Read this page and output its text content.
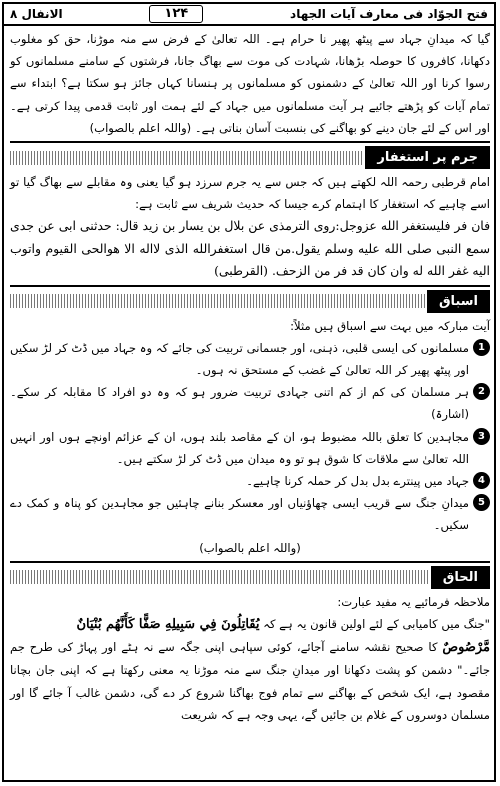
الانفال ۸	۱۲۴	فتح الجوّاد فی معارف آیات الجهاد

گیا کہ میدانِ جہاد سے پیٹھ پھیر نا حرام ہے۔ اللہ تعالیٰ کے فرض سے منہ موڑنا، حق کو مغلوب دکھانا، کافروں کا حوصلہ بڑھانا، شہادت کی موت سے بھاگ جانا، فرشتوں کے سامنے مسلمانوں کو رسوا کرنا اور اللہ تعالیٰ کے دشمنوں کو مسلمانوں پر ہنسانا کہاں جائز ہو سکتا ہے؟ ابتداء سے تمام آیات کو پڑھتے جائیے ہر آیت مسلمانوں میں جہاد کے لئے ہمت اور ثابت قدمی پیدا کرتی ہے۔ اور اس کے لئے جان دینے کو بھاگنے کی بنسبت آسان بناتی ہے۔ (واللہ اعلم بالصواب)

جرم پر استغفار

امام قرطبی رحمہ اللہ لکھتے ہیں کہ جس سے یہ جرم سرزد ہو گیا یعنی وہ مقابلے سے بھاگ گیا تو اسے چاہیے کہ استغفار کا اہتمام کرے جیسا کہ حدیث شریف سے ثابت ہے:

فان فر فليستغفر الله عزوجل:روى الترمذى عن بلال بن يسار بن زيد قال: حدثنى ابى عن جدى سمع النبى صلى الله عليه وسلم يقول.من قال استغفرالله الذى لااله الا هوالحى القيوم واتوب اليه غفر الله له وان كان قد فر من الزحف. (القرطبى)

اسباق

آیت مبارکہ میں بہت سے اسباق ہیں مثلاً:

1

مسلمانوں کی ایسی قلبی، ذہنی، اور جسمانی تربیت کی جائے کہ وہ جہاد میں ڈٹ کر لڑ سکیں اور پیٹھ پھیر کر اللہ تعالیٰ کے غضب کے مستحق نہ ہوں۔

2

ہر مسلمان کی کم از کم اتنی جہادی تربیت ضرور ہو کہ وہ دو افراد کا مقابلہ کر سکے۔ (اشارۃ)

3

مجاہدین کا تعلق باللہ مضبوط ہو، ان کے مقاصد بلند ہوں، ان کے عزائم اونچے ہوں اور انہیں اللہ تعالیٰ سے ملاقات کا شوق ہو تو وہ میدان میں ڈٹ کر لڑ سکتے ہیں۔

4

جہاد میں پینترے بدل بدل کر حملہ کرنا چاہیے۔

5

میدانِ جنگ سے قریب ایسی چھاؤنیاں اور معسکر بنانے چاہئیں جو مجاہدین کو پناہ و کمک دے سکیں۔

(واللہ اعلم بالصواب)

الحاق

ملاحظہ فرمائیے یہ مفید عبارت:

"جنگ میں کامیابی کے لئے اولین قانون یہ ہے کہ يُقَاتِلُونَ فِي سَبِيلِهِ صَفًّا كَأَنَّهُم بُنْيَانٌ

مَّرْصُوصٌ کا صحیح نقشہ سامنے آجائے، کوئی سپاہی اپنی جگہ سے نہ ہٹے اور پہاڑ کی طرح جم جائے۔" دشمن کو پشت دکھانا اور میدانِ جنگ سے منہ موڑنا یہ معنی رکھتا ہے کہ اپنی جان بچانا مقصود ہے، ایک شخص کے بھاگنے سے تمام فوج بھاگنا شروع کر دے گی، دشمن غالب آ جائے گا اور مسلمان دوسروں کے غلام بن جائیں گے، یہی وجہ ہے کہ شریعت
